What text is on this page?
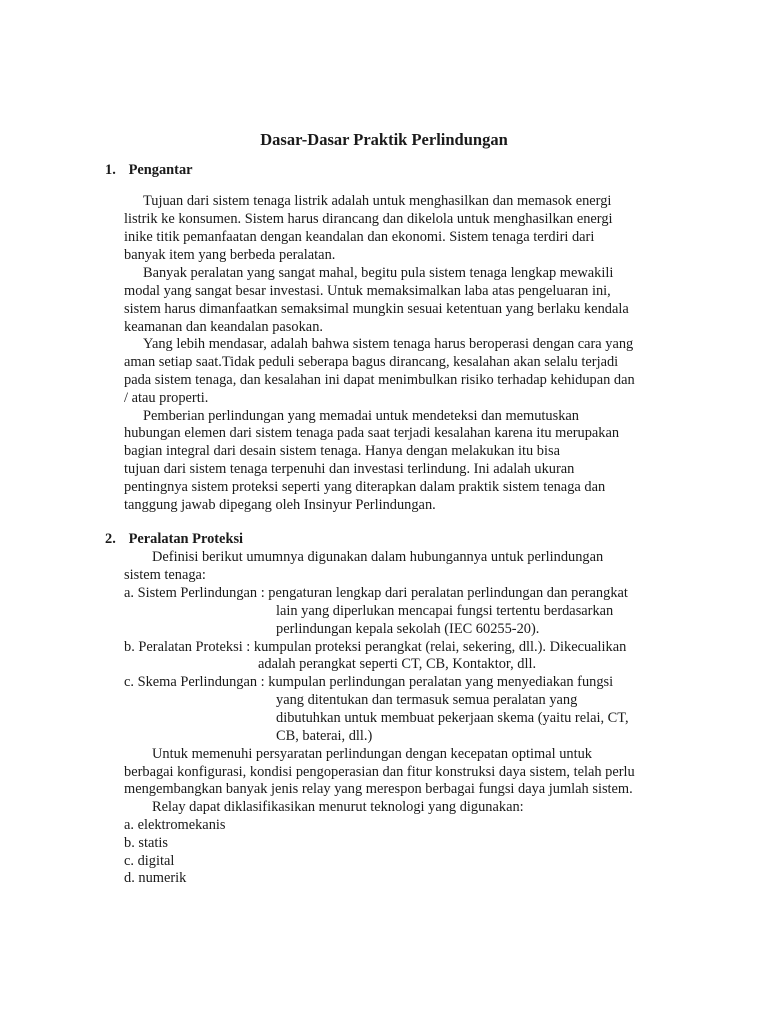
Dasar-Dasar Praktik Perlindungan
1. Pengantar
Tujuan dari sistem tenaga listrik adalah untuk menghasilkan dan memasok energi
listrik ke konsumen. Sistem harus dirancang dan dikelola untuk menghasilkan energi
inike titik pemanfaatan dengan keandalan dan ekonomi. Sistem tenaga terdiri dari
banyak item yang berbeda peralatan.
Banyak peralatan yang sangat mahal, begitu pula sistem tenaga lengkap mewakili
modal yang sangat besar investasi. Untuk memaksimalkan laba atas pengeluaran ini,
sistem harus dimanfaatkan semaksimal mungkin sesuai ketentuan yang berlaku kendala
keamanan dan keandalan pasokan.
Yang lebih mendasar, adalah bahwa sistem tenaga harus beroperasi dengan cara yang
aman setiap saat.Tidak peduli seberapa bagus dirancang, kesalahan akan selalu terjadi
pada sistem tenaga, dan kesalahan ini dapat menimbulkan risiko terhadap kehidupan dan
/ atau properti.
Pemberian perlindungan yang memadai untuk mendeteksi dan memutuskan
hubungan elemen dari sistem tenaga pada saat terjadi kesalahan karena itu merupakan
bagian integral dari desain sistem tenaga. Hanya dengan melakukan itu bisa
tujuan dari sistem tenaga terpenuhi dan investasi terlindung. Ini adalah ukuran
pentingnya sistem proteksi seperti yang diterapkan dalam praktik sistem tenaga dan
tanggung jawab dipegang oleh Insinyur Perlindungan.
2. Peralatan Proteksi
Definisi berikut umumnya digunakan dalam hubungannya untuk perlindungan
sistem tenaga:
a. Sistem Perlindungan : pengaturan lengkap dari peralatan perlindungan dan perangkat
lain yang diperlukan mencapai fungsi tertentu berdasarkan
perlindungan kepala sekolah (IEC 60255-20).
b. Peralatan Proteksi : kumpulan proteksi perangkat (relai, sekering, dll.). Dikecualikan
adalah perangkat seperti CT, CB, Kontaktor, dll.
c. Skema Perlindungan : kumpulan perlindungan peralatan yang menyediakan fungsi
yang ditentukan dan termasuk semua peralatan yang
dibutuhkan untuk membuat pekerjaan skema (yaitu relai, CT,
CB, baterai, dll.)
Untuk memenuhi persyaratan perlindungan dengan kecepatan optimal untuk
berbagai konfigurasi, kondisi pengoperasian dan fitur konstruksi daya sistem, telah perlu
mengembangkan banyak jenis relay yang merespon berbagai fungsi daya jumlah sistem.
Relay dapat diklasifikasikan menurut teknologi yang digunakan:
a. elektromekanis
b. statis
c. digital
d. numerik
